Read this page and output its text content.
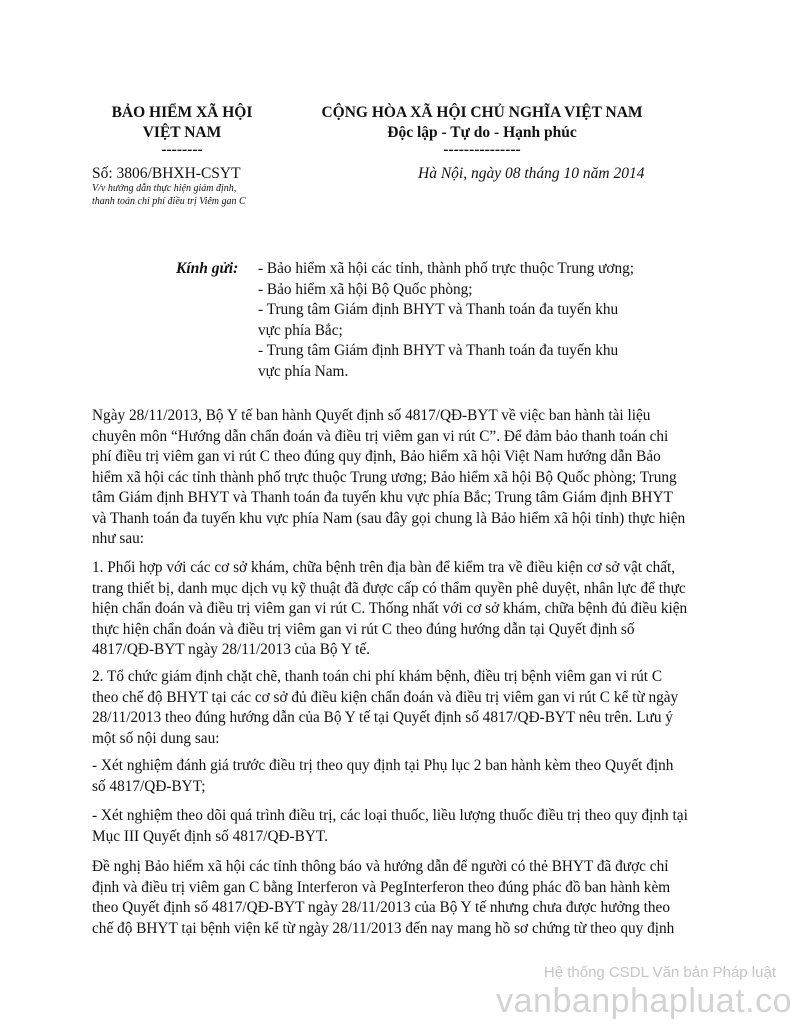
BẢO HIỂM XÃ HỘI
VIỆT NAM
--------
CỘNG HÒA XÃ HỘI CHỦ NGHĨA VIỆT NAM
Độc lập - Tự do - Hạnh phúc
---------------
Số: 3806/BHXH-CSYT
V/v hướng dẫn thực hiện giám định,
thanh toán chi phí điều trị Viêm gan C
Hà Nội, ngày 08 tháng 10 năm 2014
Kính gửi: - Bảo hiểm xã hội các tỉnh, thành phố trực thuộc Trung ương;
- Bảo hiểm xã hội Bộ Quốc phòng;
- Trung tâm Giám định BHYT và Thanh toán đa tuyến khu
vực phía Bắc;
- Trung tâm Giám định BHYT và Thanh toán đa tuyến khu
vực phía Nam.
Ngày 28/11/2013, Bộ Y tế ban hành Quyết định số 4817/QĐ-BYT về việc ban hành tài liệu
chuyên môn “Hướng dẫn chẩn đoán và điều trị viêm gan vi rút C”. Để đảm bảo thanh toán chi
phí điều trị viêm gan vi rút C theo đúng quy định, Bảo hiểm xã hội Việt Nam hướng dẫn Bảo
hiểm xã hội các tỉnh thành phố trực thuộc Trung ương; Bảo hiểm xã hội Bộ Quốc phòng; Trung
tâm Giám định BHYT và Thanh toán đa tuyến khu vực phía Bắc; Trung tâm Giám định BHYT
và Thanh toán đa tuyến khu vực phía Nam (sau đây gọi chung là Bảo hiểm xã hội tỉnh) thực hiện
như sau:
1. Phối hợp với các cơ sở khám, chữa bệnh trên địa bàn để kiểm tra về điều kiện cơ sở vật chất,
trang thiết bị, danh mục dịch vụ kỹ thuật đã được cấp có thẩm quyền phê duyệt, nhân lực để thực
hiện chẩn đoán và điều trị viêm gan vi rút C. Thống nhất với cơ sở khám, chữa bệnh đủ điều kiện
thực hiện chẩn đoán và điều trị viêm gan vi rút C theo đúng hướng dẫn tại Quyết định số
4817/QĐ-BYT ngày 28/11/2013 của Bộ Y tế.
2. Tổ chức giám định chặt chẽ, thanh toán chi phí khám bệnh, điều trị bệnh viêm gan vi rút C
theo chế độ BHYT tại các cơ sở đủ điều kiện chẩn đoán và điều trị viêm gan vi rút C kể từ ngày
28/11/2013 theo đúng hướng dẫn của Bộ Y tế tại Quyết định số 4817/QĐ-BYT nêu trên. Lưu ý
một số nội dung sau:
- Xét nghiệm đánh giá trước điều trị theo quy định tại Phụ lục 2 ban hành kèm theo Quyết định
số 4817/QĐ-BYT;
- Xét nghiệm theo dõi quá trình điều trị, các loại thuốc, liều lượng thuốc điều trị theo quy định tại
Mục III Quyết định số 4817/QĐ-BYT.
Đề nghị Bảo hiểm xã hội các tỉnh thông báo và hướng dẫn để người có thẻ BHYT đã được chỉ
định và điều trị viêm gan C bằng Interferon và PegInterferon theo đúng phác đồ ban hành kèm
theo Quyết định số 4817/QĐ-BYT ngày 28/11/2013 của Bộ Y tế nhưng chưa được hưởng theo
chế độ BHYT tại bệnh viện kể từ ngày 28/11/2013 đến nay mang hồ sơ chứng từ theo quy định
Hệ thống CSDL Văn bản Pháp luật
vanbanphapluat.co
